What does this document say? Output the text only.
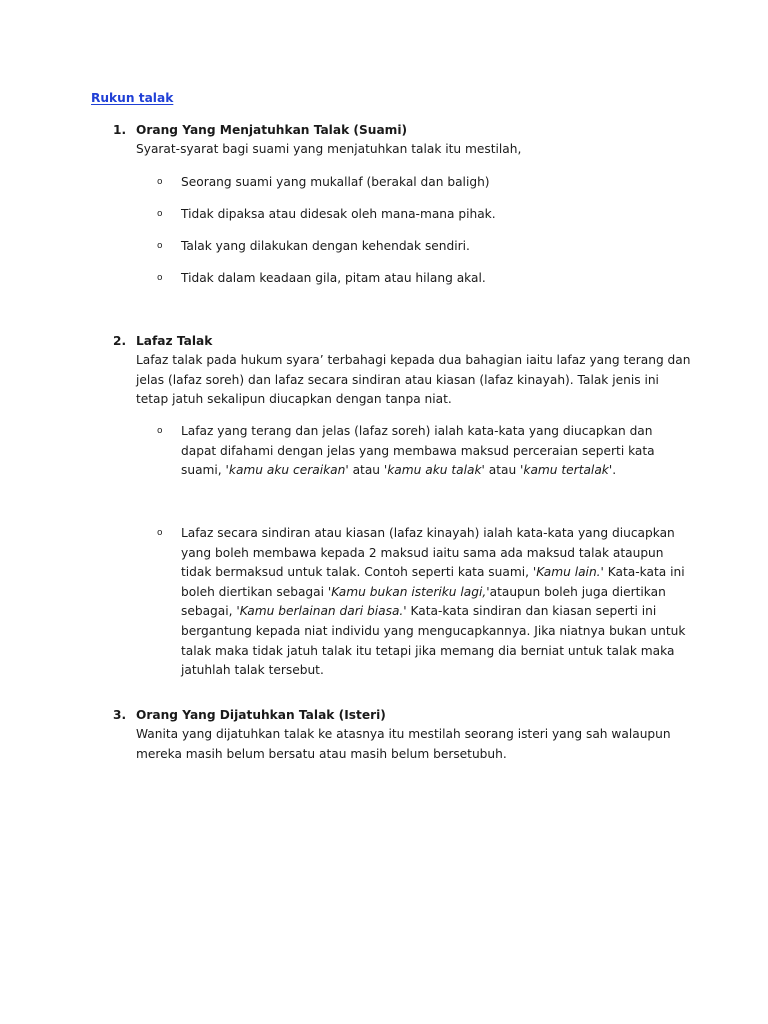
Rukun talak
1. Orang Yang Menjatuhkan Talak (Suami)
Syarat-syarat bagi suami yang menjatuhkan talak itu mestilah,
o	Seorang suami yang mukallaf (berakal dan baligh)
o	Tidak dipaksa atau didesak oleh mana-mana pihak.
o	Talak yang dilakukan dengan kehendak sendiri.
o	Tidak dalam keadaan gila, pitam atau hilang akal.
2. Lafaz Talak
Lafaz talak pada hukum syara’ terbahagi kepada dua bahagian iaitu lafaz yang terang dan jelas (lafaz soreh) dan lafaz secara sindiran atau kiasan (lafaz kinayah). Talak jenis ini tetap jatuh sekalipun diucapkan dengan tanpa niat.
o	Lafaz yang terang dan jelas (lafaz soreh) ialah kata-kata yang diucapkan dan dapat difahami dengan jelas yang membawa maksud perceraian seperti kata suami, 'kamu aku ceraikan' atau 'kamu aku talak' atau 'kamu tertalak'.
o	Lafaz secara sindiran atau kiasan (lafaz kinayah) ialah kata-kata yang diucapkan yang boleh membawa kepada 2 maksud iaitu sama ada maksud talak ataupun tidak bermaksud untuk talak. Contoh seperti kata suami, 'Kamu lain.' Kata-kata ini boleh diertikan sebagai 'Kamu bukan isteriku lagi,'ataupun boleh juga diertikan sebagai, 'Kamu berlainan dari biasa.' Kata-kata sindiran dan kiasan seperti ini bergantung kepada niat individu yang mengucapkannya. Jika niatnya bukan untuk talak maka tidak jatuh talak itu tetapi jika memang dia berniat untuk talak maka jatuhlah talak tersebut.
3. Orang Yang Dijatuhkan Talak (Isteri)
Wanita yang dijatuhkan talak ke atasnya itu mestilah seorang isteri yang sah walaupun mereka masih belum bersatu atau masih belum bersetubuh.
